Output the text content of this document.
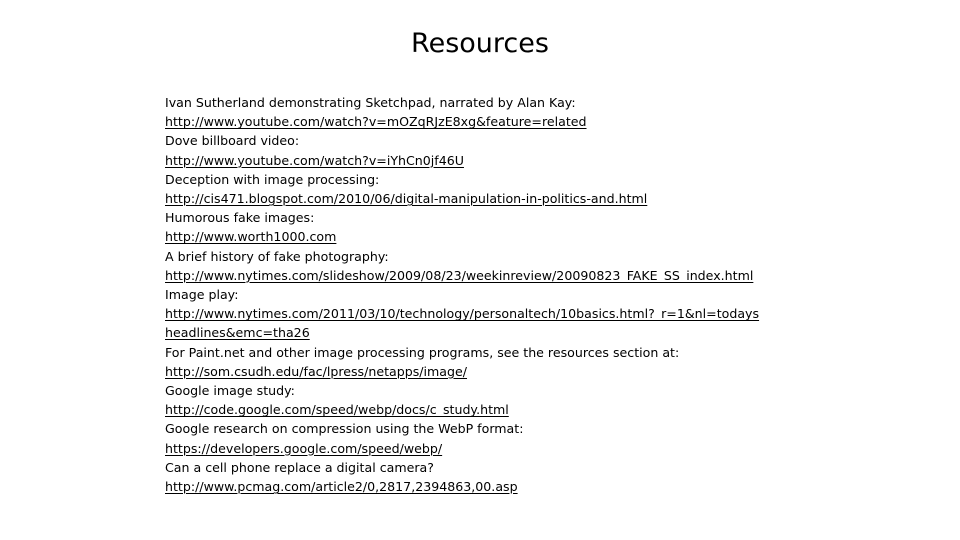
Resources
Ivan Sutherland demonstrating Sketchpad, narrated by Alan Kay:
http://www.youtube.com/watch?v=mOZqRJzE8xg&feature=related
Dove billboard video:
http://www.youtube.com/watch?v=iYhCn0jf46U
Deception with image processing:
http://cis471.blogspot.com/2010/06/digital-manipulation-in-politics-and.html
Humorous fake images:
http://www.worth1000.com
A brief history of fake photography:
http://www.nytimes.com/slideshow/2009/08/23/weekinreview/20090823_FAKE_SS_index.html
Image play:
http://www.nytimes.com/2011/03/10/technology/personaltech/10basics.html?_r=1&nl=todays
headlines&emc=tha26
For Paint.net and other image processing programs, see the resources section at:
http://som.csudh.edu/fac/lpress/netapps/image/
Google image study:
http://code.google.com/speed/webp/docs/c_study.html
Google research on compression using the WebP format:
https://developers.google.com/speed/webp/
Can a cell phone replace a digital camera?
http://www.pcmag.com/article2/0,2817,2394863,00.asp
